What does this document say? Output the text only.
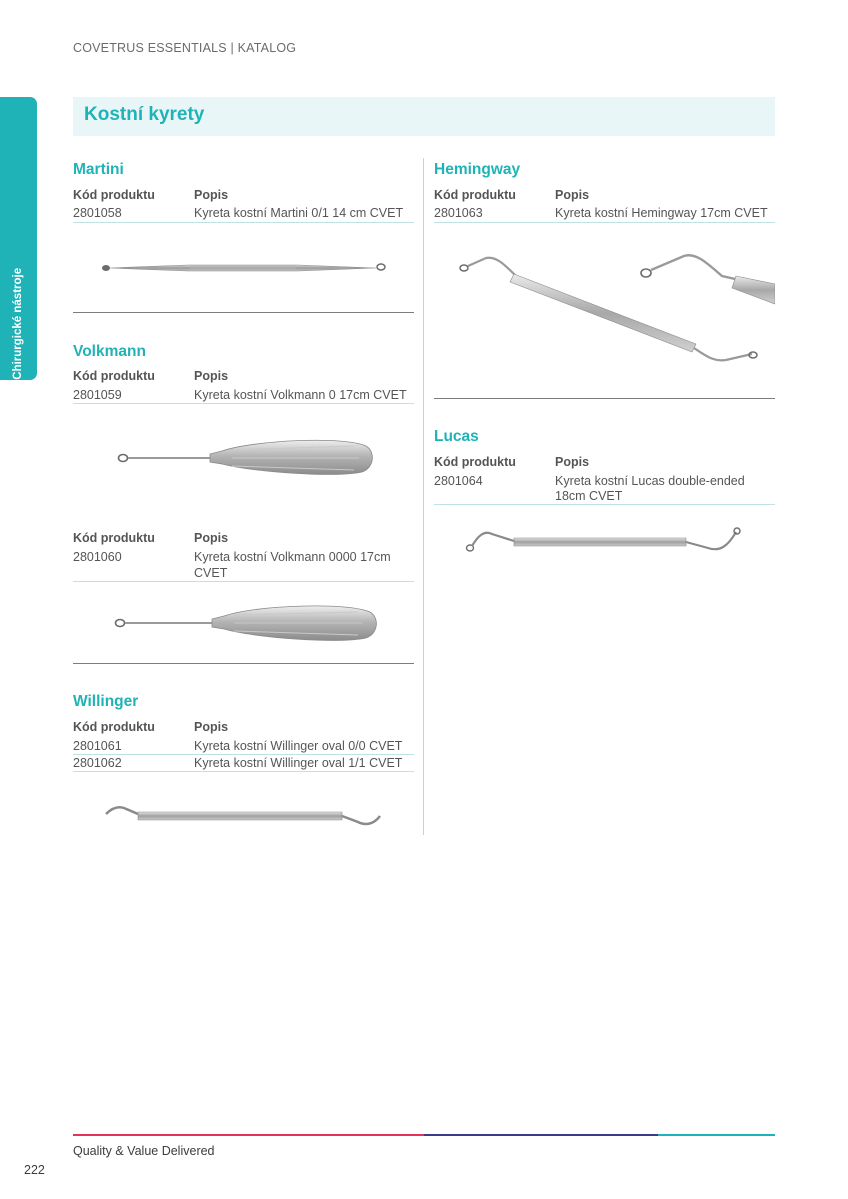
COVETRUS ESSENTIALS | KATALOG
15 | Chirurgické nástroje
Kostní kyrety
Martini
Kód produktu	Popis
2801058	Kyreta kostní Martini 0/1 14 cm CVET
Volkmann
Kód produktu	Popis
2801059	Kyreta kostní Volkmann 0 17cm CVET
Kód produktu	Popis
2801060	Kyreta kostní Volkmann 0000 17cm
CVET
Willinger
Kód produktu	Popis
2801061	Kyreta kostní Willinger oval 0/0 CVET
2801062	Kyreta kostní Willinger oval 1/1 CVET
Hemingway
Kód produktu	Popis
2801063	Kyreta kostní Hemingway 17cm CVET
Lucas
Kód produktu	Popis
2801064	Kyreta kostní Lucas double-ended
18cm CVET
Quality & Value Delivered
222
